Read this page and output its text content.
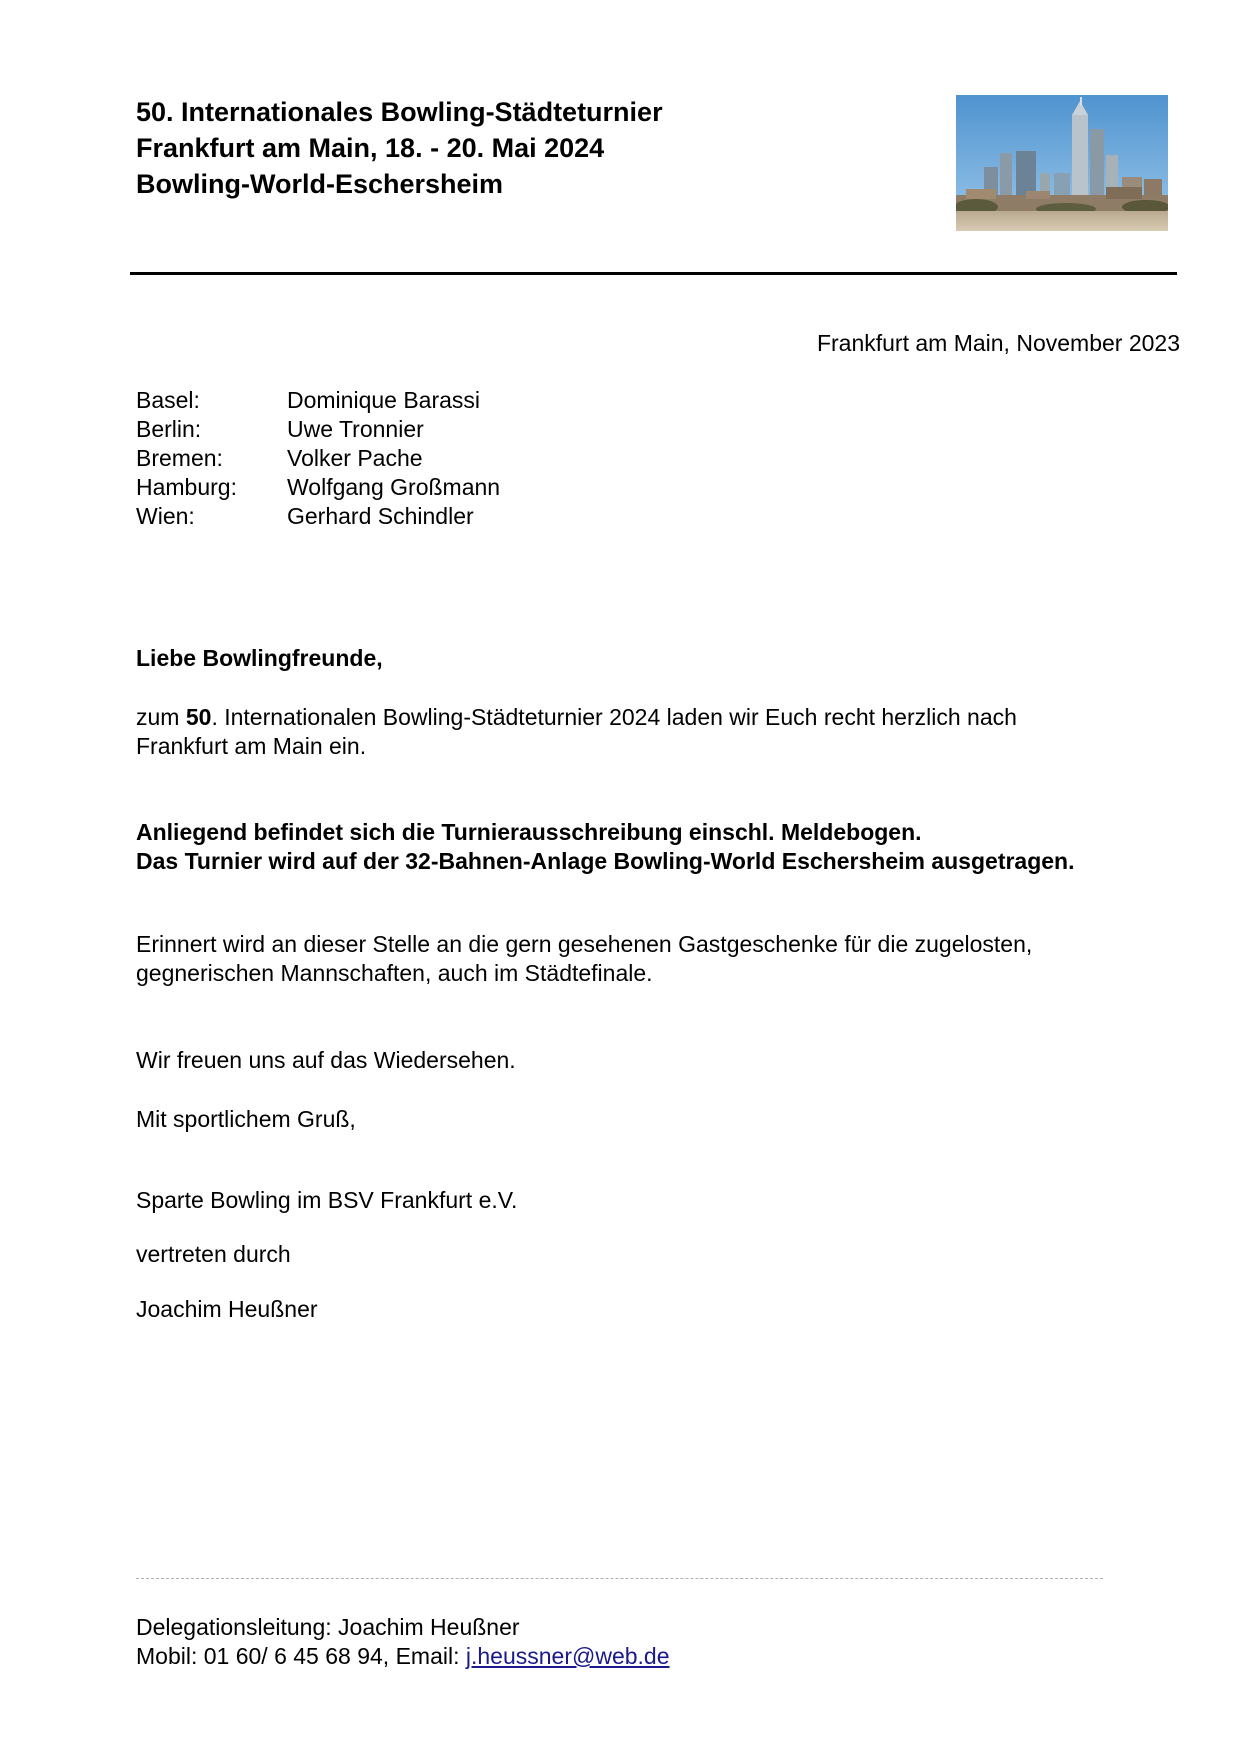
50. Internationales Bowling-Städteturnier
Frankfurt am Main, 18. - 20. Mai 2024
Bowling-World-Eschersheim
Frankfurt am Main, November 2023
Basel:	Dominique Barassi
Berlin:	Uwe Tronnier
Bremen:	Volker Pache
Hamburg:	Wolfgang Großmann
Wien:	Gerhard Schindler
Liebe Bowlingfreunde,
zum 50. Internationalen Bowling-Städteturnier 2024 laden wir Euch recht herzlich nach
Frankfurt am Main ein.
Anliegend befindet sich die Turnierausschreibung einschl. Meldebogen.
Das Turnier wird auf der 32-Bahnen-Anlage Bowling-World Eschersheim ausgetragen.
Erinnert wird an dieser Stelle an die gern gesehenen Gastgeschenke für die zugelosten,
gegnerischen Mannschaften, auch im Städtefinale.
Wir freuen uns auf das Wiedersehen.
Mit sportlichem Gruß,
Sparte Bowling im BSV Frankfurt e.V.
vertreten durch
Joachim Heußner
Delegationsleitung: Joachim Heußner
Mobil: 01 60/ 6 45 68 94, Email: j.heussner@web.de
